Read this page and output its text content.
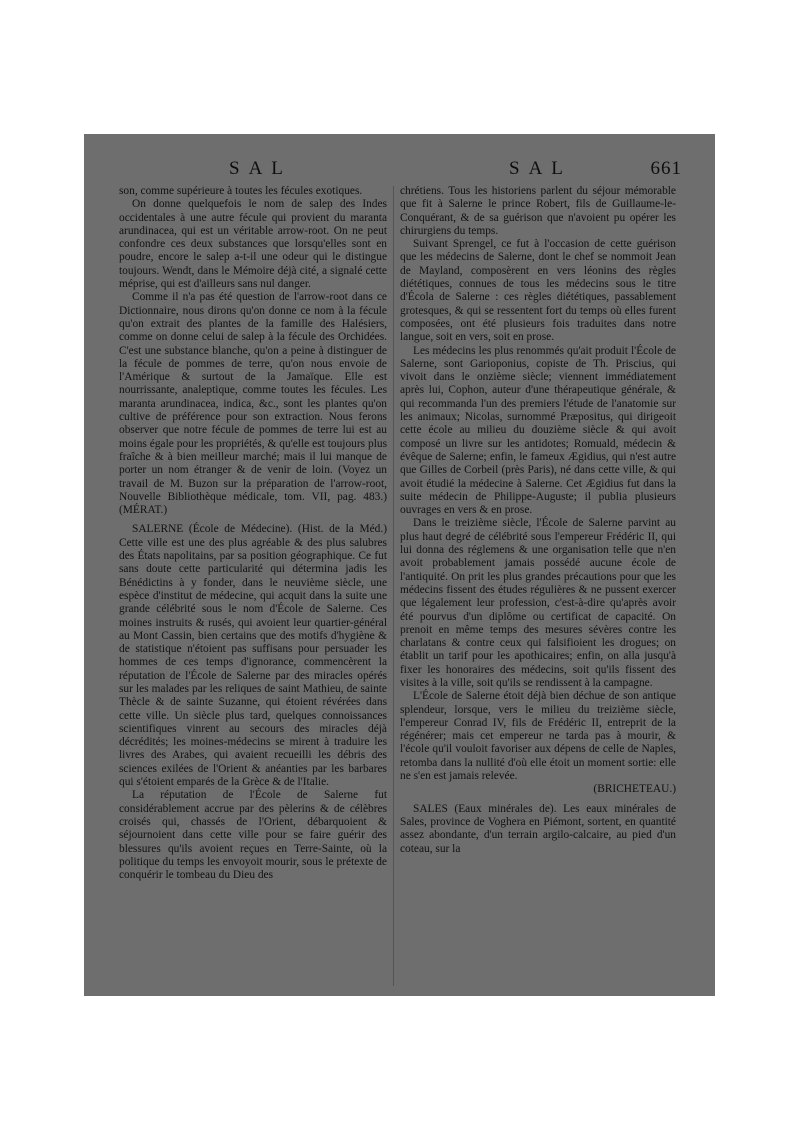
SAL	SAL	661

son, comme supérieure à toutes les fécules exotiques.

On donne quelquefois le nom de salep des Indes occidentales à une autre fécule qui provient du maranta arundinacea, qui est un véritable arrow-root. On ne peut confondre ces deux substances que lorsqu'elles sont en poudre, encore le salep a-t-il une odeur qui le distingue toujours. Wendt, dans le Mémoire déjà cité, a signalé cette méprise, qui est d'ailleurs sans nul danger.

Comme il n'a pas été question de l'arrow-root dans ce Dictionnaire, nous dirons qu'on donne ce nom à la fécule qu'on extrait des plantes de la famille des Halésiers, comme on donne celui de salep à la fécule des Orchidées. C'est une substance blanche, qu'on a peine à distinguer de la fécule de pommes de terre, qu'on nous envoie de l'Amérique & surtout de la Jamaïque. Elle est nourrissante, analeptique, comme toutes les fécules. Les maranta arundinacea, indica, &c., sont les plantes qu'on cultive de préférence pour son extraction. Nous ferons observer que notre fécule de pommes de terre lui est au moins égale pour les propriétés, & qu'elle est toujours plus fraîche & à bien meilleur marché; mais il lui manque de porter un nom étranger & de venir de loin. (Voyez un travail de M. Buzon sur la préparation de l'arrow-root, Nouvelle Bibliothèque médicale, tom. VII, pag. 483.) (MÉRAT.)

SALERNE (École de Médecine). (Hist. de la Méd.) Cette ville est une des plus agréable & des plus salubres des États napolitains, par sa position géographique. Ce fut sans doute cette particularité qui détermina jadis les Bénédictins à y fonder, dans le neuvième siècle, une espèce d'institut de médecine, qui acquit dans la suite une grande célébrité sous le nom d'École de Salerne. Ces moines instruits & rusés, qui avoient leur quartier-général au Mont Cassin, bien certains que des motifs d'hygiène & de statistique n'étoient pas suffisans pour persuader les hommes de ces temps d'ignorance, commencèrent la réputation de l'École de Salerne par des miracles opérés sur les malades par les reliques de saint Mathieu, de sainte Thècle & de sainte Suzanne, qui étoient révérées dans cette ville. Un siècle plus tard, quelques connoissances scientifiques vinrent au secours des miracles déjà décrédités; les moines-médecins se mirent à traduire les livres des Arabes, qui avaient recueilli les débris des sciences exilées de l'Orient & anéanties par les barbares qui s'étoient emparés de la Grèce & de l'Italie.

La réputation de l'École de Salerne fut considérablement accrue par des pèlerins & de célèbres croisés qui, chassés de l'Orient, débarquoient & séjournoient dans cette ville pour se faire guérir des blessures qu'ils avoient reçues en Terre-Sainte, où la politique du temps les envoyoit mourir, sous le prétexte de conquérir le tombeau du Dieu des

chrétiens. Tous les historiens parlent du séjour mémorable que fit à Salerne le prince Robert, fils de Guillaume-le-Conquérant, & de sa guérison que n'avoient pu opérer les chirurgiens du temps.

Suivant Sprengel, ce fut à l'occasion de cette guérison que les médecins de Salerne, dont le chef se nommoit Jean de Mayland, composèrent en vers léonins des règles diététiques, connues de tous les médecins sous le titre d'Écola de Salerne : ces règles diététiques, passablement grotesques, & qui se ressentent fort du temps où elles furent composées, ont été plusieurs fois traduites dans notre langue, soit en vers, soit en prose.

Les médecins les plus renommés qu'ait produit l'École de Salerne, sont Garioponius, copiste de Th. Priscius, qui vivoit dans le onzième siècle; viennent immédiatement après lui, Cophon, auteur d'une thérapeutique générale, & qui recommanda l'un des premiers l'étude de l'anatomie sur les animaux; Nicolas, surnommé Præpositus, qui dirigeoit cette école au milieu du douzième siècle & qui avoit composé un livre sur les antidotes; Romuald, médecin & évêque de Salerne; enfin, le fameux Ægidius, qui n'est autre que Gilles de Corbeil (près Paris), né dans cette ville, & qui avoit étudié la médecine à Salerne. Cet Ægidius fut dans la suite médecin de Philippe-Auguste; il publia plusieurs ouvrages en vers & en prose.

Dans le treizième siècle, l'École de Salerne parvint au plus haut degré de célébrité sous l'empereur Frédéric II, qui lui donna des réglemens & une organisation telle que n'en avoit probablement jamais possédé aucune école de l'antiquité. On prit les plus grandes précautions pour que les médecins fissent des études régulières & ne pussent exercer que légalement leur profession, c'est-à-dire qu'après avoir été pourvus d'un diplôme ou certificat de capacité. On prenoit en même temps des mesures sévères contre les charlatans & contre ceux qui falsifioient les drogues; on établit un tarif pour les apothicaires; enfin, on alla jusqu'à fixer les honoraires des médecins, soit qu'ils fissent des visites à la ville, soit qu'ils se rendissent à la campagne.

L'École de Salerne étoit déjà bien déchue de son antique splendeur, lorsque, vers le milieu du treizième siècle, l'empereur Conrad IV, fils de Frédéric II, entreprit de la régénérer; mais cet empereur ne tarda pas à mourir, & l'école qu'il vouloit favoriser aux dépens de celle de Naples, retomba dans la nullité d'où elle étoit un moment sortie: elle ne s'en est jamais relevée.

(BRICHETEAU.)

SALES (Eaux minérales de). Les eaux minérales de Sales, province de Voghera en Piémont, sortent, en quantité assez abondante, d'un terrain argilo-calcaire, au pied d'un coteau, sur la
